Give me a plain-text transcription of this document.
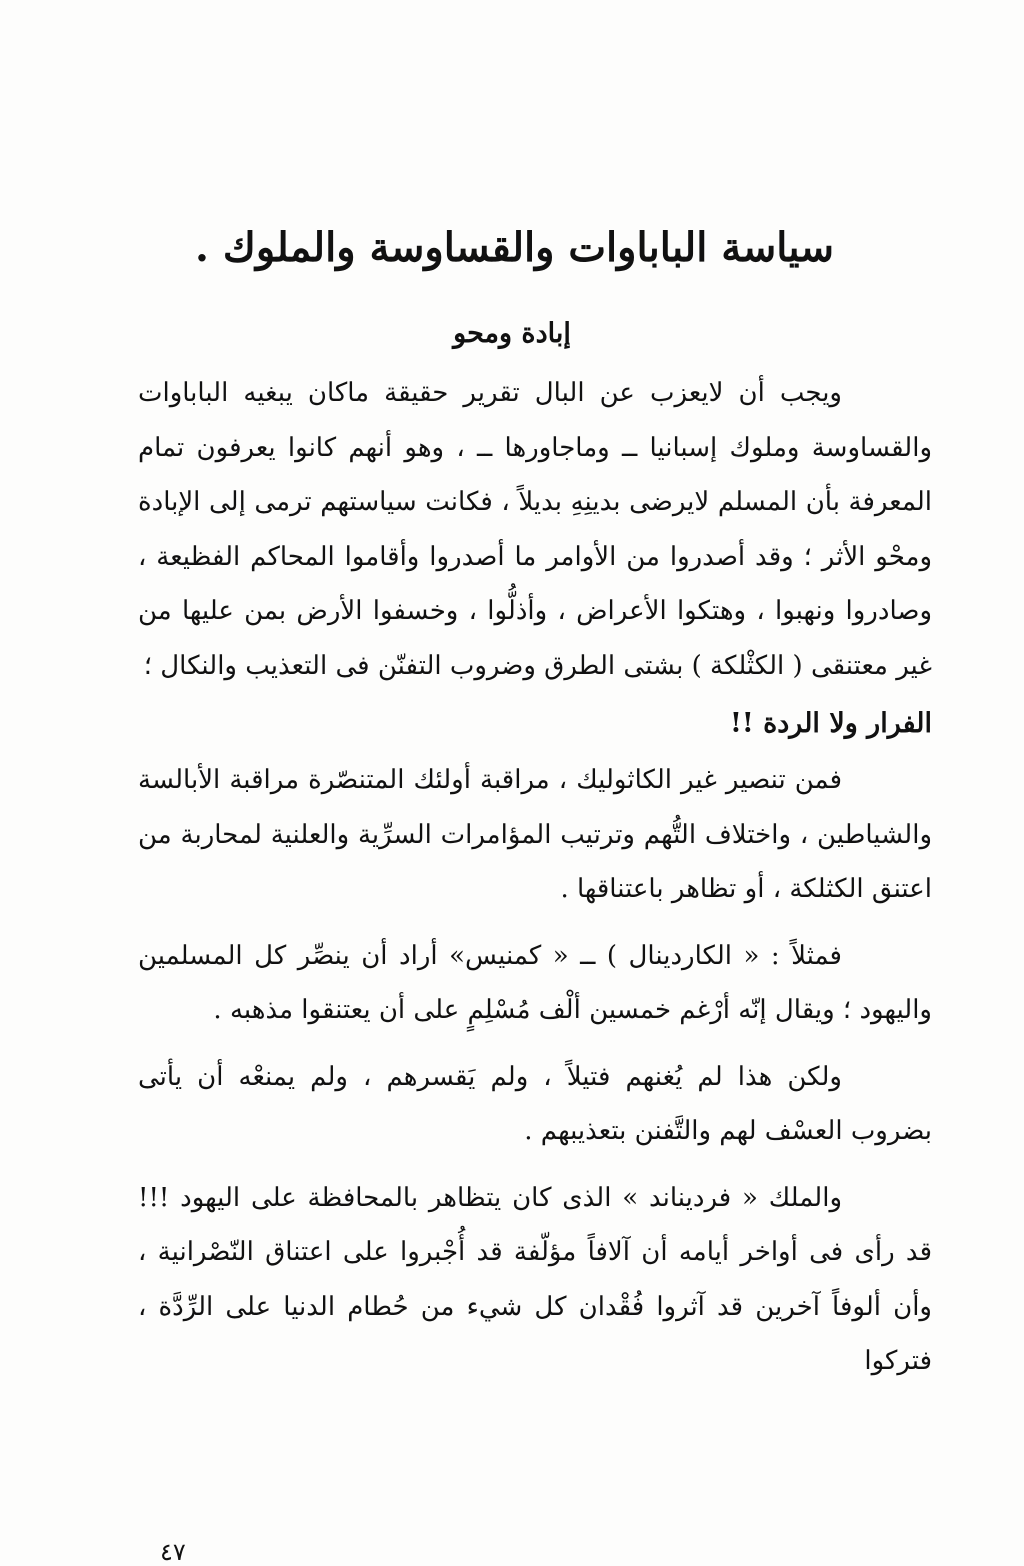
سياسة الباباوات والقساوسة والملوك .
إبادة ومحو

ويجب أن لايعزب عن البال تقرير حقيقة ماكان يبغيه الباباوات والقساوسة وملوك إسبانيا ــ وماجاورها ــ ، وهو أنهم كانوا يعرفون تمام المعرفة بأن المسلم لايرضى بدينِهِ بديلاً ، فكانت سياستهم ترمى إلى الإبادة ومحْو الأثر ؛ وقد أصدروا من الأوامر ما أصدروا وأقاموا المحاكم الفظيعة ، وصادروا ونهبوا ، وهتكوا الأعراض ، وأذلُّوا ، وخسفوا الأرض بمن عليها من غير معتنقى ( الكثْلكة ) بشتى الطرق وضروب التفنّن فى التعذيب والنكال ؛

الفرار ولا الردة !!

فمن تنصير غير الكاثوليك ، مراقبة أولئك المتنصّرة مراقبة الأبالسة والشياطين ، واختلاف التُّهم وترتيب المؤامرات السرِّية والعلنية لمحاربة من اعتنق الكثلكة ، أو تظاهر باعتناقها .

فمثلاً : « الكاردينال ) ــ « كمنيس» أراد أن ينصِّر كل المسلمين واليهود ؛ ويقال إنّه أرْغم خمسين ألْف مُسْلِمٍ على أن يعتنقوا مذهبه .

ولكن هذا لم يُغنهم فتيلاً ، ولم يَقسرهم ، ولم يمنعْه أن يأتى بضروب العسْف لهم والتَّفنن بتعذيبهم .

والملك « فرديناند » الذى كان يتظاهر بالمحافظة على اليهود !!! قد رأى فى أواخر أيامه أن آلافاً مؤلّفة قد أُجْبروا على اعتناق النّصْرانية ، وأن ألوفاً آخرين قد آثروا فُقْدان كل شيء من حُطام الدنيا على الرِّدَّة ، فتركوا

٤٧
